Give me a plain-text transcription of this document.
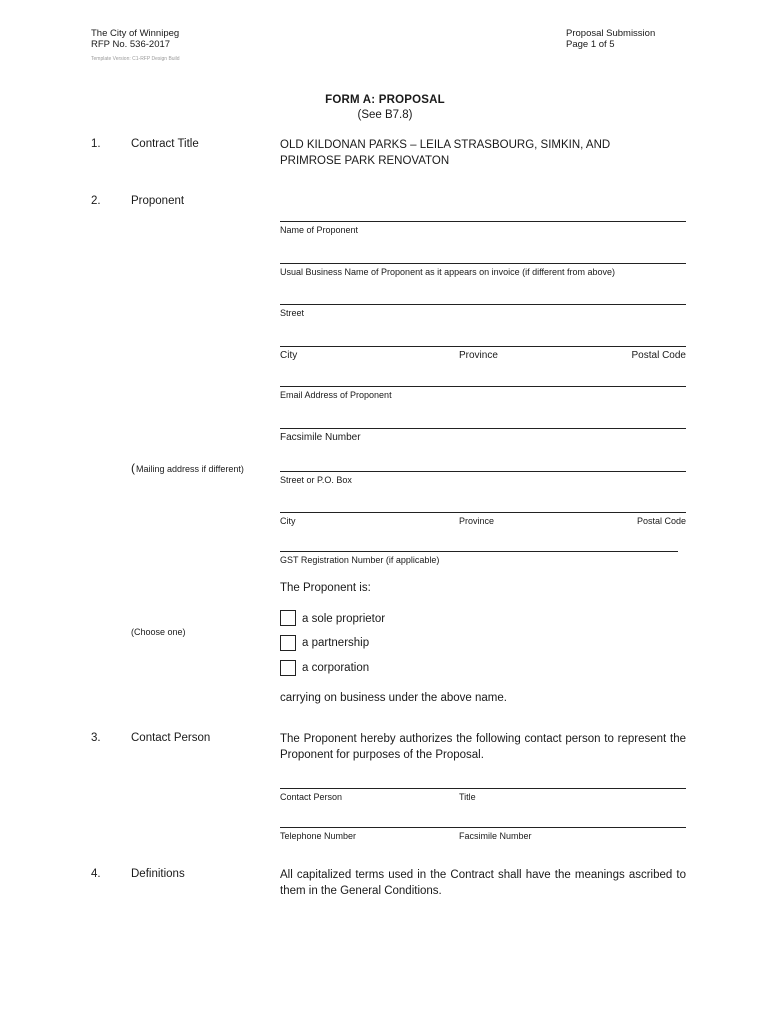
The City of Winnipeg
RFP No. 536-2017
Template Version: C1-RFP Design Build
Proposal Submission
Page 1 of 5
FORM A: PROPOSAL
(See B7.8)
1.	Contract Title	OLD KILDONAN PARKS – LEILA STRASBOURG, SIMKIN, AND
PRIMROSE PARK RENOVATON
2.	Proponent
Name of Proponent
Usual Business Name of Proponent as it appears on invoice (if different from above)
Street
City	Province	Postal Code
Email Address of Proponent
Facsimile Number
( Mailing address if different)
Street or P.O. Box
City	Province	Postal Code
GST Registration Number (if applicable)
The Proponent is:
(Choose one)
a sole proprietor
a partnership
a corporation
carrying on business under the above name.
3.	Contact Person	The Proponent hereby authorizes the following contact person to represent the Proponent for purposes of the Proposal.
Contact Person	Title
Telephone Number	Facsimile Number
4.	Definitions	All capitalized terms used in the Contract shall have the meanings ascribed to them in the General Conditions.
